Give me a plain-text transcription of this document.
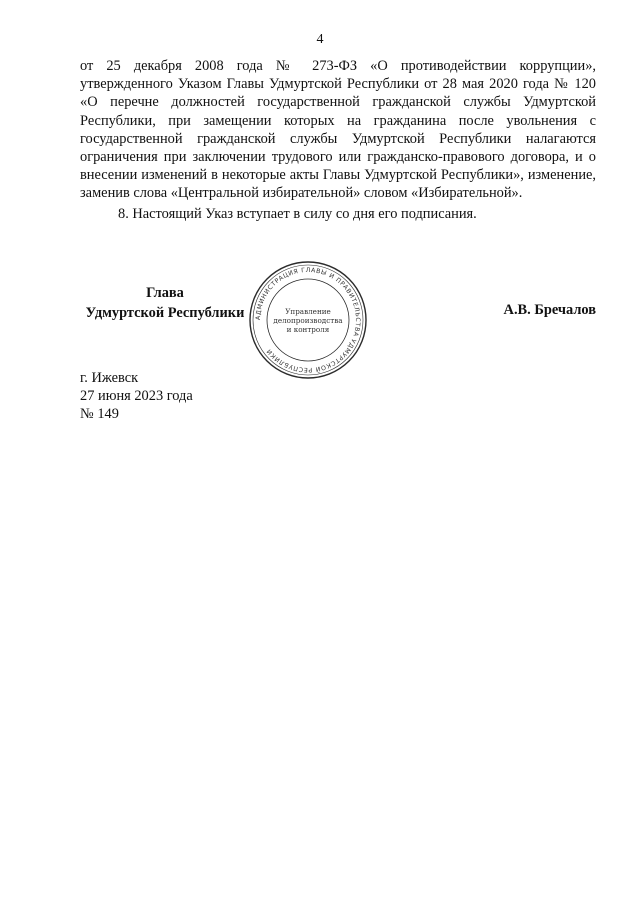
4

от 25 декабря 2008 года № 273-ФЗ «О противодействии коррупции», утвержденного Указом Главы Удмуртской Республики от 28 мая 2020 года № 120 «О перечне должностей государственной гражданской службы Удмуртской Республики, при замещении которых на гражданина после увольнения с государственной гражданской службы Удмуртской Республики налагаются ограничения при заключении трудового или гражданско-правового договора, и о внесении изменений в некоторые акты Главы Удмуртской Республики», изменение, заменив слова «Центральной избирательной» словом «Избирательной».

8. Настоящий Указ вступает в силу со дня его подписания.

Глава
Удмуртской Республики	АДМИНИСТРАЦИЯ ГЛАВЫ И ПРАВИТЕЛЬСТВА УДМУРТСКОЙ РЕСПУБЛИКИ
Управление
делопроизводства
и контроля
А.В. Бречалов
г. Ижевск
27 июня 2023 года
№ 149
